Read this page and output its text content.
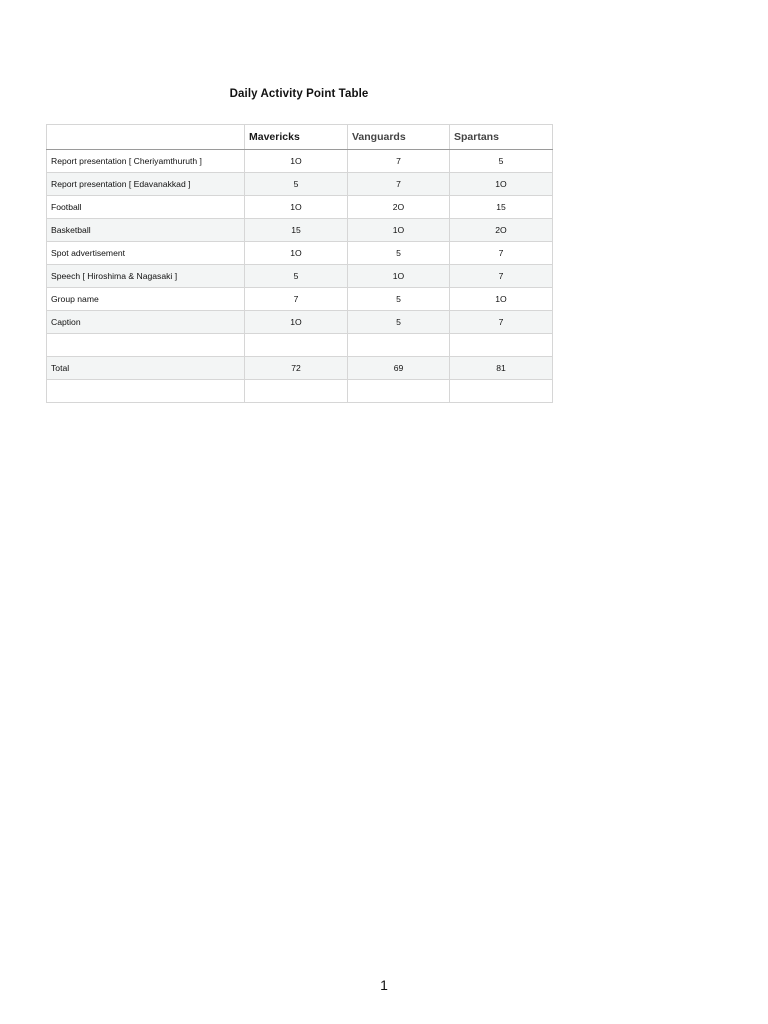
Daily Activity Point Table
	Mavericks	Vanguards	Spartans
Report presentation [ Cheriyamthuruth ]	1O	7	5
Report presentation [ Edavanakkad ]	5	7	1O
Football	1O	2O	15
Basketball	15	1O	2O
Spot advertisement	1O	5	7
Speech [ Hiroshima & Nagasaki ]	5	1O	7
Group name	7	5	1O
Caption	1O	5	7

Total	72	69	81

1
